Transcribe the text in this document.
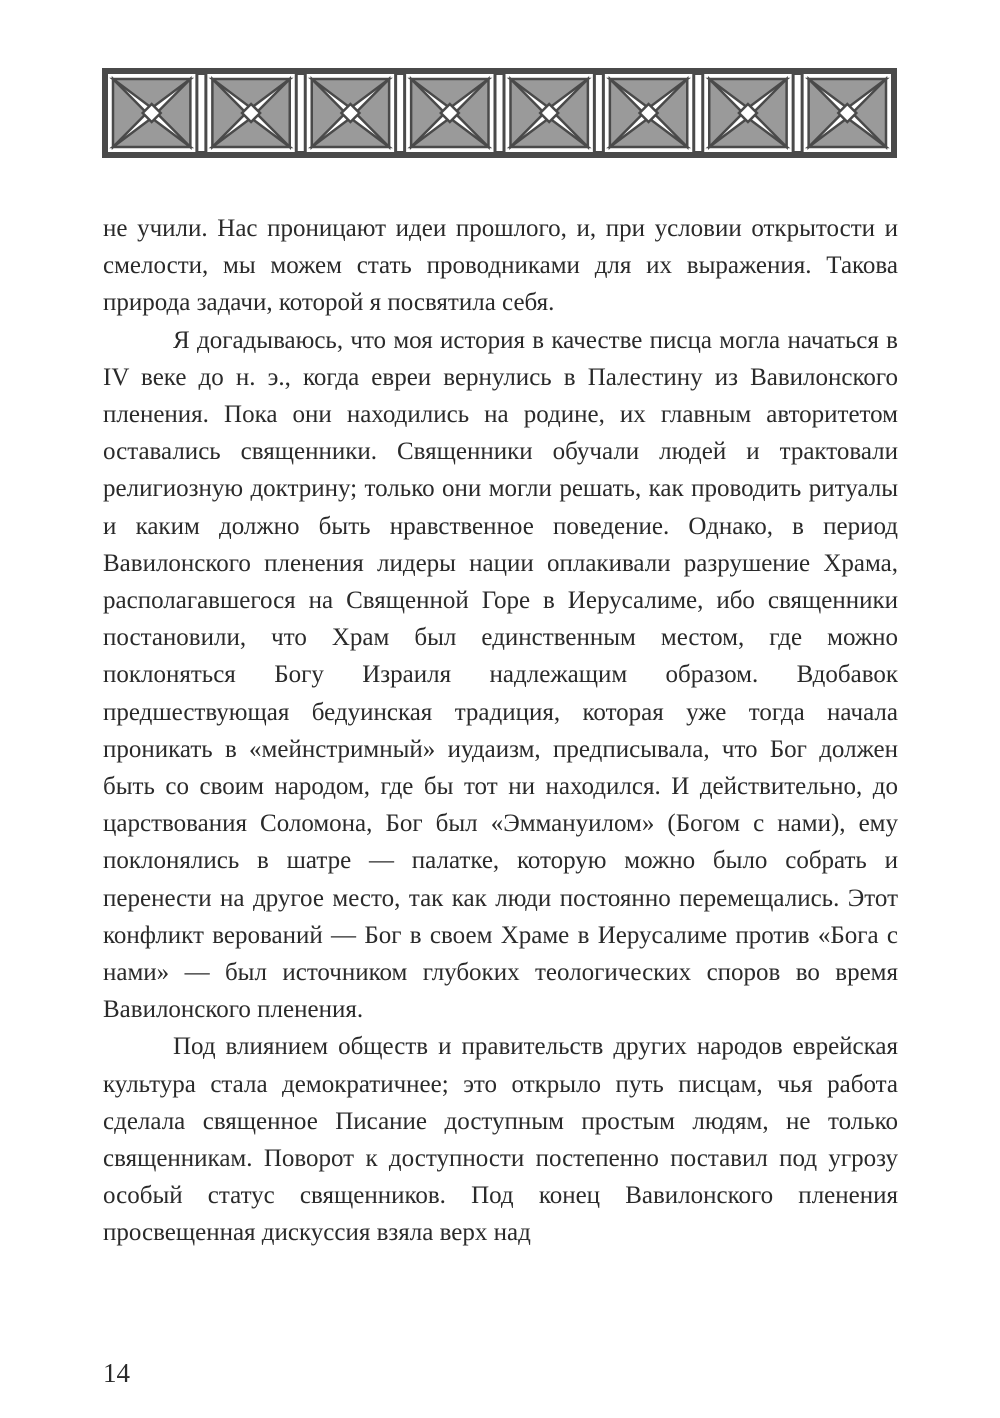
не учили. Нас проницают идеи прошлого, и, при условии открытости и смелости, мы можем стать проводниками для их выражения. Такова природа задачи, которой я посвятила себя.

Я догадываюсь, что моя история в качестве писца могла начаться в IV веке до н. э., когда евреи вернулись в Палестину из Вавилонского пленения. Пока они находились на родине, их главным авторитетом оставались священники. Священники обучали людей и трактовали религиозную доктрину; только они могли решать, как проводить ритуалы и каким должно быть нравственное поведение. Однако, в период Вавилонского пленения лидеры нации оплакивали разрушение Храма, располагавшегося на Священной Горе в Иерусалиме, ибо священники постановили, что Храм был единственным местом, где можно поклоняться Богу Израиля надлежащим образом. Вдобавок предшествующая бедуинская традиция, которая уже тогда начала проникать в «мейнстримный» иудаизм, предписывала, что Бог должен быть со своим народом, где бы тот ни находился. И действительно, до царствования Соломона, Бог был «Эммануилом» (Богом с нами), ему поклонялись в шатре — палатке, которую можно было собрать и перенести на другое место, так как люди постоянно перемещались. Этот конфликт верований — Бог в своем Храме в Иерусалиме против «Бога с нами» — был источником глубоких теологических споров во время Вавилонского пленения.

Под влиянием обществ и правительств других народов еврейская культура стала демократичнее; это открыло путь писцам, чья работа сделала священное Писание доступным простым людям, не только священникам. Поворот к доступности постепенно поставил под угрозу особый статус священников. Под конец Вавилонского пленения просвещенная дискуссия взяла верх над

14
